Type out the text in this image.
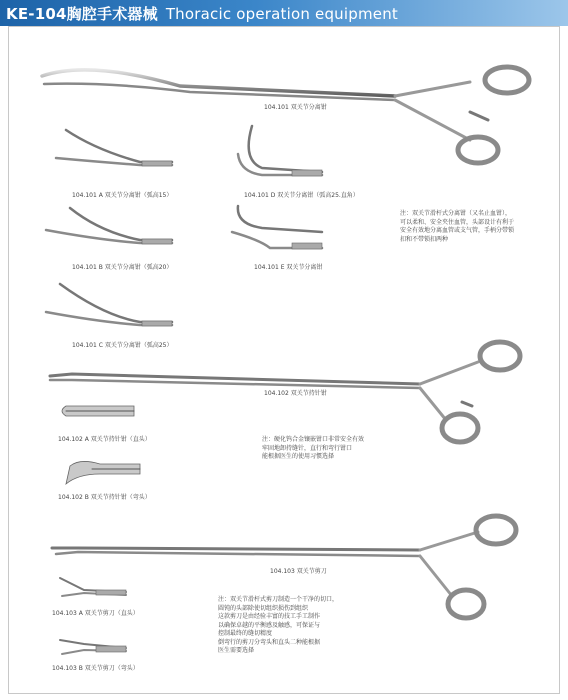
KE-104胸腔手术器械 Thoracic operation equipment
104.101 双关节分离钳
104.101 A 双关节分离钳（弧高15）
104.101 B 双关节分离钳（弧高20）
104.101 C 双关节分离钳（弧高25）
104.101 D 双关节分离钳（弧高25.直角）
104.101 E 双关节分离钳
104.102 双关节持针钳
104.102 A 双关节持针钳（直头）
104.102 B 双关节持针钳（弯头）
104.103 双关节剪刀
104.103 A 双关节剪刀（直头）
104.103 B 双关节剪刀（弯头）
注：双关节滑杆式分离钳（又名止血钳），
可以柔和、安全夹住血管，头部设计有利于
安全有效地分离血管或支气管，手柄分带锁
扣和不带锁扣两种
注：硬化钨合金镶嵌钳口非常安全有效
牢固地卸持缝针，直行和弯行钳口
能根据医生的使用习惯选择
注：双关节滑杆式剪刀制造一个干净的切口，
圆钝的头部除使切组织损伤到组织
这款剪刀是由经验丰富的技工手工制作
以确保卓越的平衡感及触感，可保证与
控制最终的缝切精度
倒弯行的剪刀分弯头和直头二种能根据
医生需要选择
